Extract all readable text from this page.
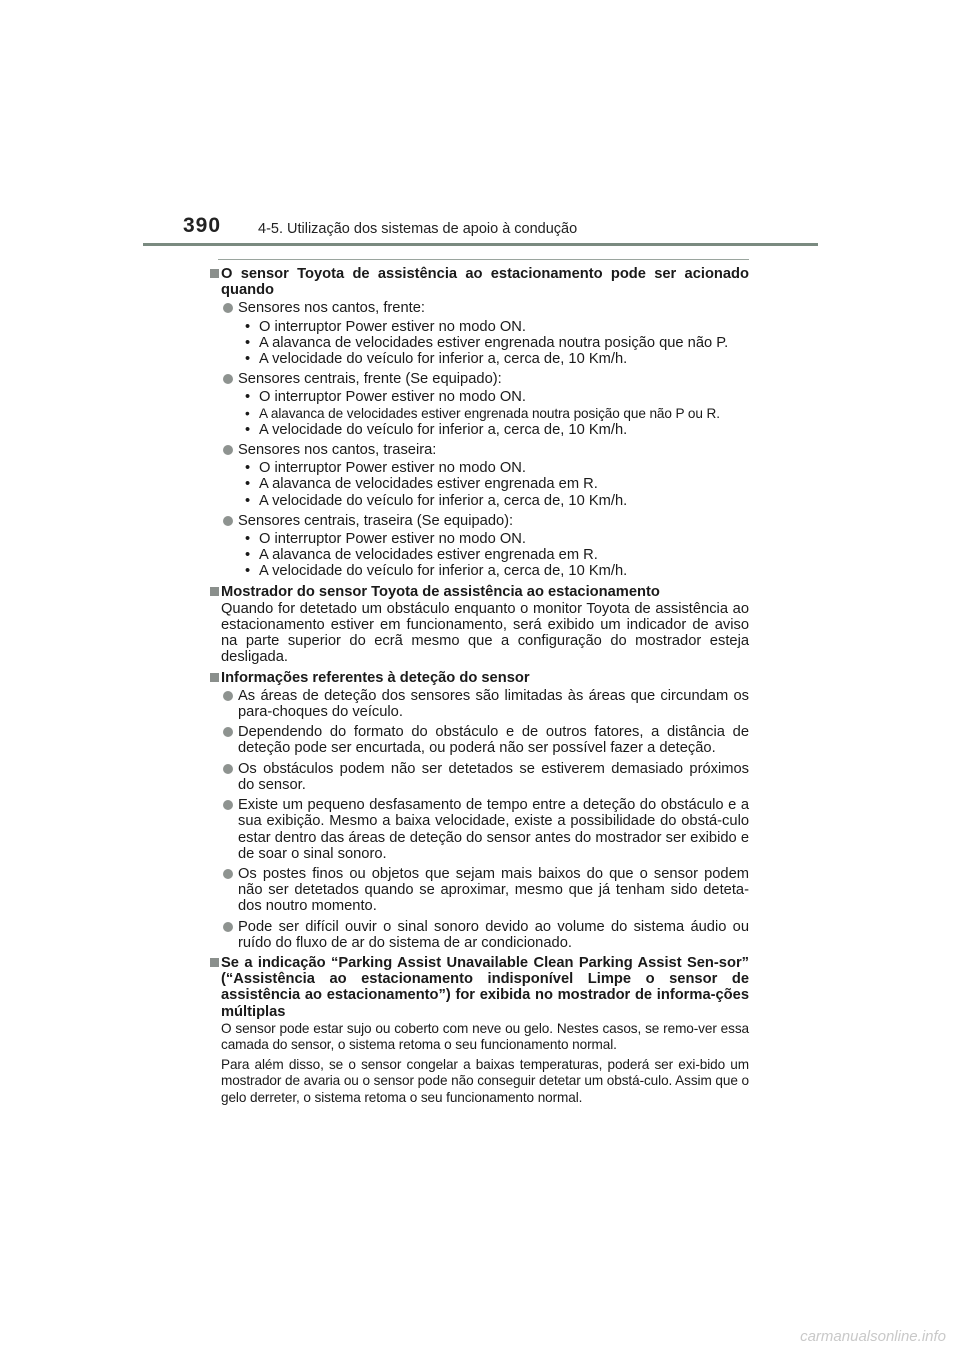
390	4-5. Utilização dos sistemas de apoio à condução
O sensor Toyota de assistência ao estacionamento pode ser acionado quando
Sensores nos cantos, frente:
• O interruptor Power estiver no modo ON.
• A alavanca de velocidades estiver engrenada noutra posição que não P.
• A velocidade do veículo for inferior a, cerca de, 10 Km/h.
Sensores centrais, frente (Se equipado):
• O interruptor Power estiver no modo ON.
• A alavanca de velocidades estiver engrenada noutra posição que não P ou R.
• A velocidade do veículo for inferior a, cerca de, 10 Km/h.
Sensores nos cantos, traseira:
• O interruptor Power estiver no modo ON.
• A alavanca de velocidades estiver engrenada em R.
• A velocidade do veículo for inferior a, cerca de, 10 Km/h.
Sensores centrais, traseira (Se equipado):
• O interruptor Power estiver no modo ON.
• A alavanca de velocidades estiver engrenada em R.
• A velocidade do veículo for inferior a, cerca de, 10 Km/h.
Mostrador do sensor Toyota de assistência ao estacionamento

Quando for detetado um obstáculo enquanto o monitor Toyota de assistência ao estacionamento estiver em funcionamento, será exibido um indicador de aviso na parte superior do ecrã mesmo que a configuração do mostrador esteja desligada.

Informações referentes à deteção do sensor
As áreas de deteção dos sensores são limitadas às áreas que circundam os para-choques do veículo.
Dependendo do formato do obstáculo e de outros fatores, a distância de deteção pode ser encurtada, ou poderá não ser possível fazer a deteção.
Os obstáculos podem não ser detetados se estiverem demasiado próximos do sensor.
Existe um pequeno desfasamento de tempo entre a deteção do obstáculo e a sua exibição. Mesmo a baixa velocidade, existe a possibilidade do obstá-culo estar dentro das áreas de deteção do sensor antes do mostrador ser exibido e de soar o sinal sonoro.
Os postes finos ou objetos que sejam mais baixos do que o sensor podem não ser detetados quando se aproximar, mesmo que já tenham sido deteta-dos noutro momento.
Pode ser difícil ouvir o sinal sonoro devido ao volume do sistema áudio ou ruído do fluxo de ar do sistema de ar condicionado.
Se a indicação “Parking Assist Unavailable Clean Parking Assist Sen-sor” (“Assistência ao estacionamento indisponível Limpe o sensor de assistência ao estacionamento”) for exibida no mostrador de informa-ções múltiplas

O sensor pode estar sujo ou coberto com neve ou gelo. Nestes casos, se remo-ver essa camada do sensor, o sistema retoma o seu funcionamento normal.

Para além disso, se o sensor congelar a baixas temperaturas, poderá ser exi-bido um mostrador de avaria ou o sensor pode não conseguir detetar um obstá-culo. Assim que o gelo derreter, o sistema retoma o seu funcionamento normal.

carmanualsonline.info
